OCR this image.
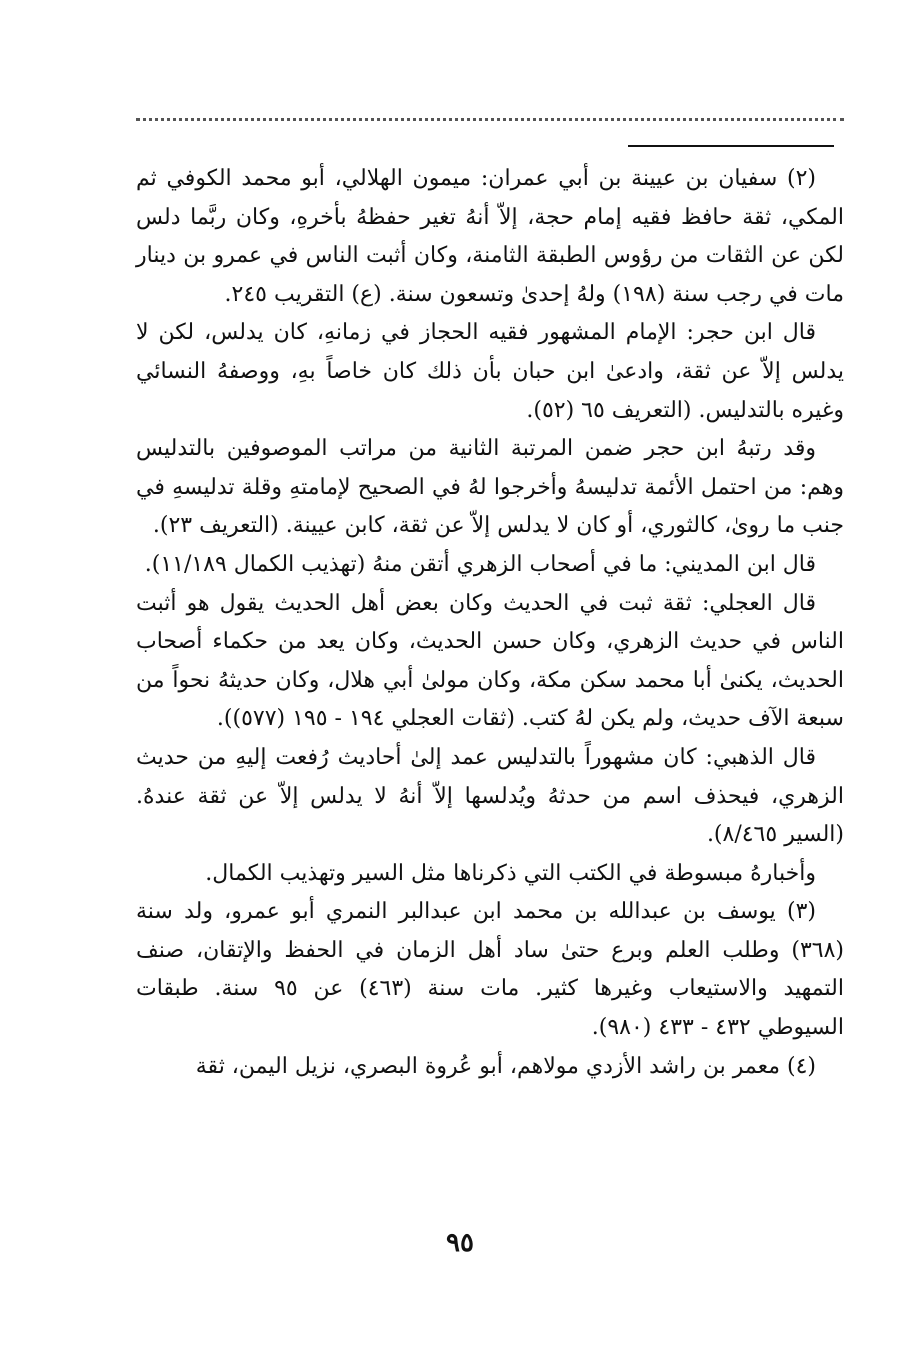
(٢) سفيان بن عيينة بن أبي عمران: ميمون الهلالي، أبو محمد الكوفي ثم المكي، ثقة حافظ فقيه إمام حجة، إلاّ أنهُ تغير حفظهُ بأخرهِ، وكان ربَّما دلس لكن عن الثقات من رؤوس الطبقة الثامنة، وكان أثبت الناس في عمرو بن دينار مات في رجب سنة (١٩٨) ولهُ إحدىٰ وتسعون سنة. (ع) التقريب ٢٤٥.

قال ابن حجر: الإمام المشهور فقيه الحجاز في زمانهِ، كان يدلس، لكن لا يدلس إلاّ عن ثقة، وادعىٰ ابن حبان بأن ذلك كان خاصاً بهِ، ووصفهُ النسائي وغيره بالتدليس. (التعريف ٦٥ (٥٢).

وقد رتبهُ ابن حجر ضمن المرتبة الثانية من مراتب الموصوفين بالتدليس وهم: من احتمل الأئمة تدليسهُ وأخرجوا لهُ في الصحيح لإمامتهِ وقلة تدليسهِ في جنب ما روىٰ، كالثوري، أو كان لا يدلس إلاّ عن ثقة، كابن عيينة. (التعريف ٢٣).

قال ابن المديني: ما في أصحاب الزهري أتقن منهُ (تهذيب الكمال ١١/١٨٩).

قال العجلي: ثقة ثبت في الحديث وكان بعض أهل الحديث يقول هو أثبت الناس في حديث الزهري، وكان حسن الحديث، وكان يعد من حكماء أصحاب الحديث، يكنىٰ أبا محمد سكن مكة، وكان مولىٰ أبي هلال، وكان حديثهُ نحواً من سبعة الآف حديث، ولم يكن لهُ كتب. (ثقات العجلي ١٩٤ - ١٩٥ (٥٧٧)).

قال الذهبي: كان مشهوراً بالتدليس عمد إلىٰ أحاديث رُفعت إليهِ من حديث الزهري، فيحذف اسم من حدثهُ ويُدلسها إلاّ أنهُ لا يدلس إلاّ عن ثقة عندهُ. (السير ٨/٤٦٥).

وأخبارهُ مبسوطة في الكتب التي ذكرناها مثل السير وتهذيب الكمال.

(٣) يوسف بن عبدالله بن محمد ابن عبدالبر النمري أبو عمرو، ولد سنة (٣٦٨) وطلب العلم وبرع حتىٰ ساد أهل الزمان في الحفظ والإتقان، صنف التمهيد والاستيعاب وغيرها كثير. مات سنة (٤٦٣) عن ٩٥ سنة. طبقات السيوطي ٤٣٢ - ٤٣٣ (٩٨٠).

(٤) معمر بن راشد الأزدي مولاهم، أبو عُروة البصري، نزيل اليمن، ثقة

٩٥
